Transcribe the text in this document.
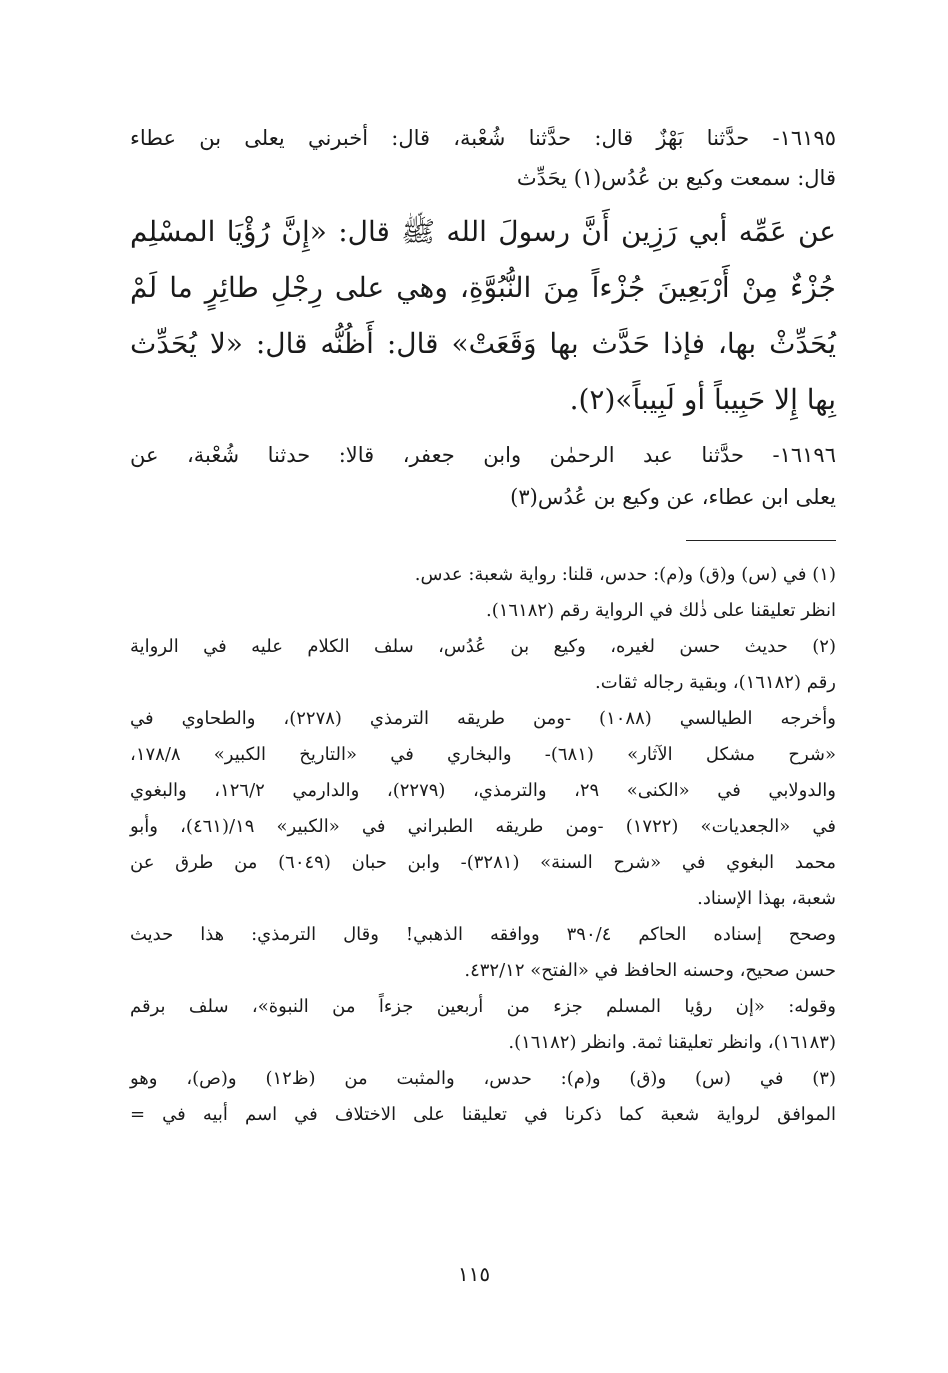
١٦١٩٥- حدَّثنا بَهْزٌ قال: حدَّثنا شُعْبة، قال: أخبرني يعلى بن عطاء
قال: سمعت وكيع بن عُدُس(١) يحَدِّث
عن عَمِّه أبي رَزِين أَنَّ رسولَ الله ﷺ قال: «إِنَّ رُؤْيَا المسْلِم
جُزْءٌ مِنْ أَرْبَعِينَ جُزْءاً مِنَ النُّبُوَّةِ، وهي على رِجْلِ طائِرٍ ما لَمْ
يُحَدِّثْ بها، فإذا حَدَّث بها وَقَعَتْ» قال: أَظُنُّه قال: «لا يُحَدِّث
بِها إِلا حَبِيباً أو لَبِيباً»(٢).
١٦١٩٦- حدَّثنا عبد الرحمٰن وابن جعفر، قالا: حدثنا شُعْبة، عن
يعلى ابن عطاء، عن وكيع بن عُدُس(٣)
(١) في (س) و(ق) و(م): حدس، قلنا: رواية شعبة: عدس.
انظر تعليقنا على ذٰلك في الرواية رقم (١٦١٨٢).
(٢) حديث حسن لغيره، وكيع بن عُدُس، سلف الكلام عليه في الرواية
رقم (١٦١٨٢)، وبقية رجاله ثقات.
وأخرجه الطيالسي (١٠٨٨) -ومن طريقه الترمذي (٢٢٧٨)، والطحاوي في
«شرح مشكل الآثار» (٦٨١)- والبخاري في «التاريخ الكبير» ١٧٨/٨،
والدولابي في «الكنى» ٢٩، والترمذي، (٢٢٧٩)، والدارمي ١٢٦/٢، والبغوي
في «الجعديات» (١٧٢٢) -ومن طريقه الطبراني في «الكبير» ١٩/(٤٦١)، وأبو
محمد البغوي في «شرح السنة» (٣٢٨١)- وابن حبان (٦٠٤٩) من طرق عن
شعبة، بهذا الإسناد.
وصحح إسناده الحاكم ٣٩٠/٤ ووافقه الذهبي! وقال الترمذي: هذا حديث
حسن صحيح، وحسنه الحافظ في «الفتح» ٤٣٢/١٢.
وقوله: «إن رؤيا المسلم جزء من أربعين جزءاً من النبوة»، سلف برقم
(١٦١٨٣)، وانظر تعليقنا ثمة. وانظر (١٦١٨٢).
(٣) في (س) و(ق) و(م): حدس، والمثبت من (ظ١٢) و(ص)، وهو
الموافق لرواية شعبة كما ذكرنا في تعليقنا على الاختلاف في اسم أبيه في =
١١٥
